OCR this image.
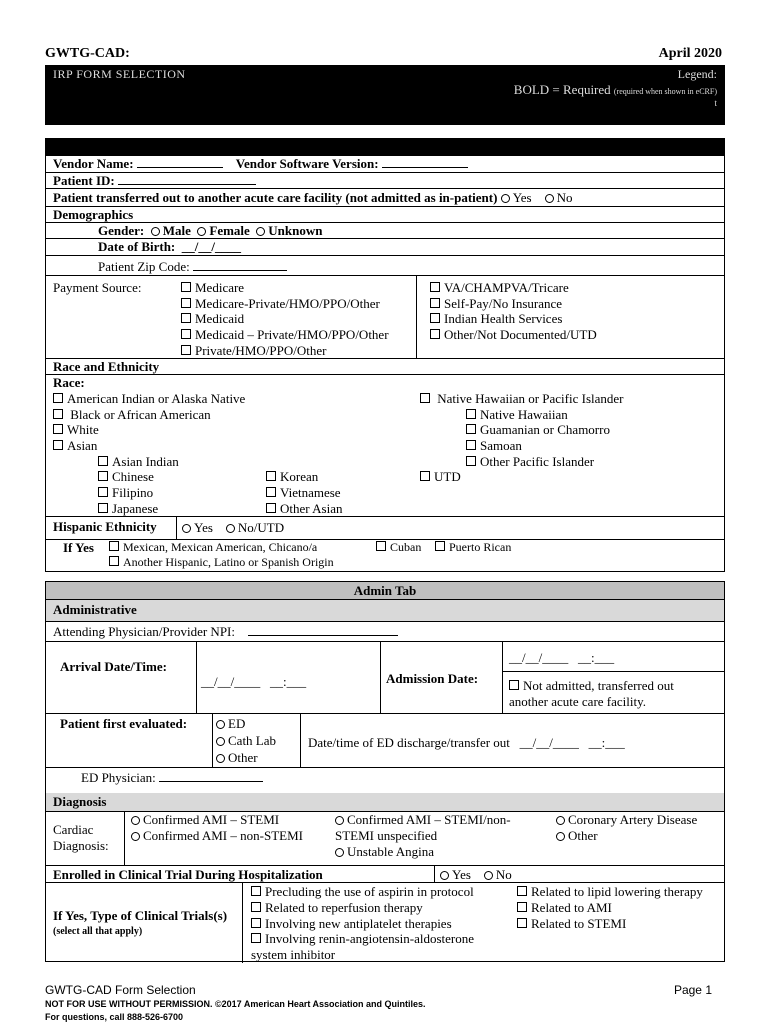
GWTG-CAD:	April 2020
IRP FORM SELECTION	Legend:
BOLD = Required (required when shown in eCRF)
t
Vendor Name:	Vendor Software Version:
Patient ID:
Patient transferred out to another acute care facility (not admitted as in-patient) Yes No
Demographics
Gender: Male Female Unknown
Date of Birth: __/__/____
Patient Zip Code:
Payment Source:	Medicare
Medicare-Private/HMO/PPO/Other
Medicaid
Medicaid – Private/HMO/PPO/Other
Private/HMO/PPO/Other
VA/CHAMPVA/Tricare
Self-Pay/No Insurance
Indian Health Services
Other/Not Documented/UTD
Race and Ethnicity
Race:
American Indian or Alaska Native
Black or African American
White
Asian
Asian Indian
Chinese
Filipino
Japanese
Korean
Vietnamese
Other Asian
Native Hawaiian or Pacific Islander
Native Hawaiian
Guamanian or Chamorro
Samoan
Other Pacific Islander
UTD
Hispanic Ethnicity	Yes No/UTD
If Yes	Mexican, Mexican American, Chicano/a	Cuban	Puerto Rican
Another Hispanic, Latino or Spanish Origin
Admin Tab
Administrative
Attending Physician/Provider NPI:
Arrival Date/Time:
__/__/____ __:___	Admission Date:
__/__/____ __:___
Not admitted, transferred out
another acute care facility.
Patient first evaluated:	ED
Cath Lab
Other
Date/time of ED discharge/transfer out __/__/____ __:___
ED Physician:
Diagnosis
Cardiac
Diagnosis:
Confirmed AMI – STEMI
Confirmed AMI – non-STEMI
Confirmed AMI – STEMI/non-
STEMI unspecified
Unstable Angina
Coronary Artery Disease
Other
Enrolled in Clinical Trial During Hospitalization	Yes No
If Yes, Type of Clinical Trials(s)
(select all that apply)
Precluding the use of aspirin in protocol
Related to reperfusion therapy
Involving new antiplatelet therapies
Involving renin-angiotensin-aldosterone
system inhibitor
Related to lipid lowering therapy
Related to AMI
Related to STEMI
GWTG-CAD Form Selection	Page 1
NOT FOR USE WITHOUT PERMISSION. ©2017 American Heart Association and Quintiles.
For questions, call 888-526-6700
